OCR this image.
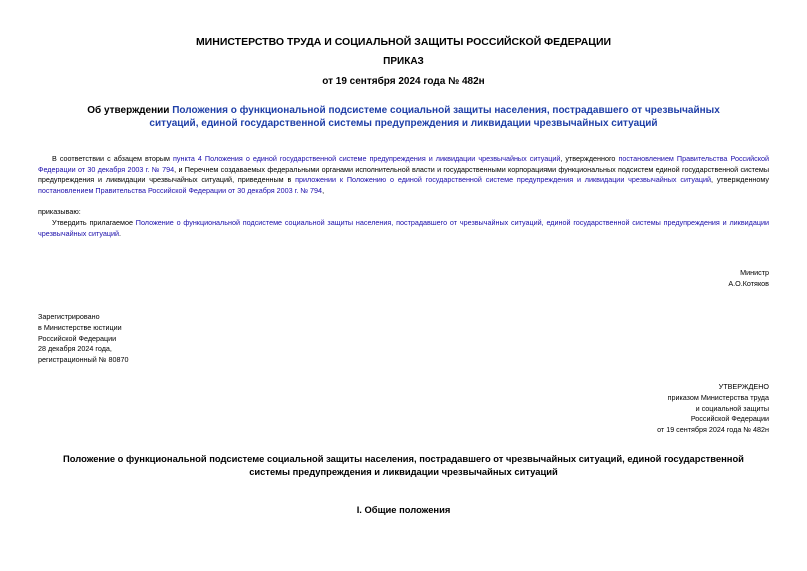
МИНИСТЕРСТВО ТРУДА И СОЦИАЛЬНОЙ ЗАЩИТЫ РОССИЙСКОЙ ФЕДЕРАЦИИ
ПРИКАЗ
от 19 сентября 2024 года № 482н
Об утверждении Положения о функциональной подсистеме социальной защиты населения, пострадавшего от чрезвычайных ситуаций, единой государственной системы предупреждения и ликвидации чрезвычайных ситуаций
В соответствии с абзацем вторым пункта 4 Положения о единой государственной системе предупреждения и ликвидации чрезвычайных ситуаций, утвержденного постановлением Правительства Российской Федерации от 30 декабря 2003 г. № 794, и Перечнем создаваемых федеральными органами исполнительной власти и государственными корпорациями функциональных подсистем единой государственной системы предупреждения и ликвидации чрезвычайных ситуаций, приведенным в приложении к Положению о единой государственной системе предупреждения и ликвидации чрезвычайных ситуаций, утвержденному постановлением Правительства Российской Федерации от 30 декабря 2003 г. № 794,
приказываю:
Утвердить прилагаемое Положение о функциональной подсистеме социальной защиты населения, пострадавшего от чрезвычайных ситуаций, единой государственной системы предупреждения и ликвидации чрезвычайных ситуаций.
Министр
А.О.Котяков
Зарегистрировано
в Министерстве юстиции
Российской Федерации
28 декабря 2024 года,
регистрационный № 80870
УТВЕРЖДЕНО
приказом Министерства труда
и социальной защиты
Российской Федерации
от 19 сентября 2024 года № 482н
Положение о функциональной подсистеме социальной защиты населения, пострадавшего от чрезвычайных ситуаций, единой государственной системы предупреждения и ликвидации чрезвычайных ситуаций
I. Общие положения
